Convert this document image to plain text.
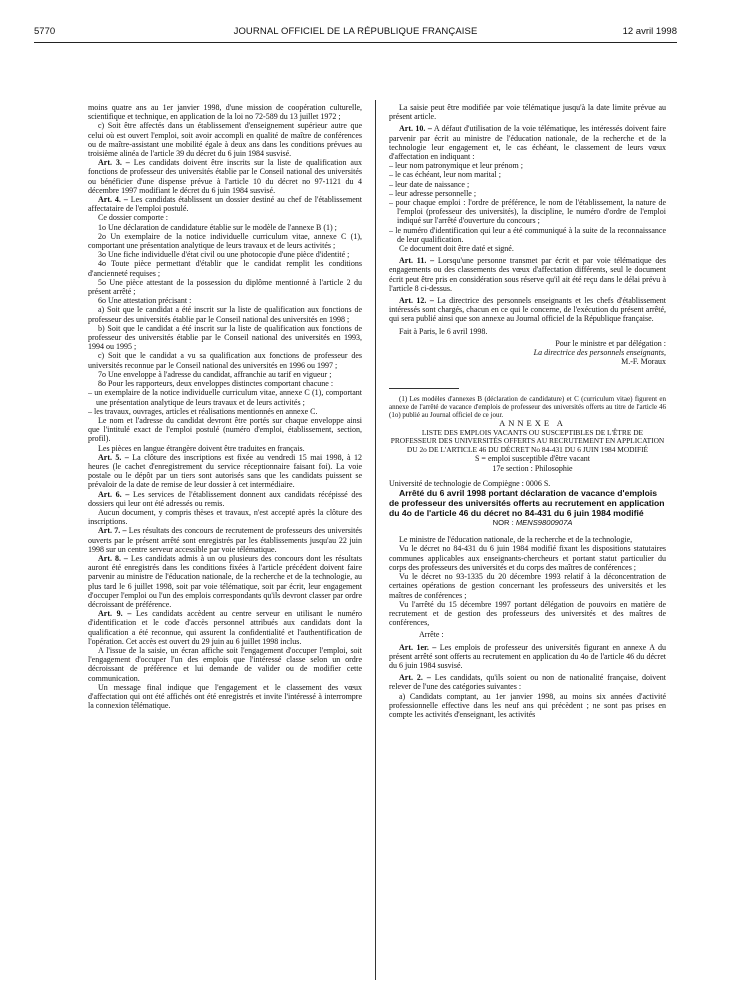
5770	JOURNAL OFFICIEL DE LA RÉPUBLIQUE FRANÇAISE	12 avril 1998

moins quatre ans au 1er janvier 1998, d'une mission de coopération culturelle, scientifique et technique, en application de la loi no 72-589 du 13 juillet 1972 ;

c) Soit être affectés dans un établissement d'enseignement supérieur autre que celui où est ouvert l'emploi, soit avoir accompli en qualité de maître de conférences ou de maître-assistant une mobilité égale à deux ans dans les conditions prévues au troisième alinéa de l'article 39 du décret du 6 juin 1984 susvisé.

Art. 3. – Les candidats doivent être inscrits sur la liste de qualification aux fonctions de professeur des universités établie par le Conseil national des universités ou bénéficier d'une dispense prévue à l'article 10 du décret no 97-1121 du 4 décembre 1997 modifiant le décret du 6 juin 1984 susvisé.

Art. 4. – Les candidats établissent un dossier destiné au chef de l'établissement affectataire de l'emploi postulé.

Ce dossier comporte :

1o Une déclaration de candidature établie sur le modèle de l'annexe B (1) ;

2o Un exemplaire de la notice individuelle curriculum vitae, annexe C (1), comportant une présentation analytique de leurs travaux et de leurs activités ;

3o Une fiche individuelle d'état civil ou une photocopie d'une pièce d'identité ;

4o Toute pièce permettant d'établir que le candidat remplit les conditions d'ancienneté requises ;

5o Une pièce attestant de la possession du diplôme mentionné à l'article 2 du présent arrêté ;

6o Une attestation précisant :

a) Soit que le candidat a été inscrit sur la liste de qualification aux fonctions de professeur des universités établie par le Conseil national des universités en 1998 ;

b) Soit que le candidat a été inscrit sur la liste de qualification aux fonctions de professeur des universités établie par le Conseil national des universités en 1993, 1994 ou 1995 ;

c) Soit que le candidat a vu sa qualification aux fonctions de professeur des universités reconnue par le Conseil national des universités en 1996 ou 1997 ;

7o Une enveloppe à l'adresse du candidat, affranchie au tarif en vigueur ;

8o Pour les rapporteurs, deux enveloppes distinctes comportant chacune :

– un exemplaire de la notice individuelle curriculum vitae, annexe C (1), comportant une présentation analytique de leurs travaux et de leurs activités ;

– les travaux, ouvrages, articles et réalisations mentionnés en annexe C.

Le nom et l'adresse du candidat devront être portés sur chaque enveloppe ainsi que l'intitulé exact de l'emploi postulé (numéro d'emploi, établissement, section, profil).

Les pièces en langue étrangère doivent être traduites en français.

Art. 5. – La clôture des inscriptions est fixée au vendredi 15 mai 1998, à 12 heures (le cachet d'enregistrement du service réceptionnaire faisant foi). La voie postale ou le dépôt par un tiers sont autorisés sans que les candidats puissent se prévaloir de la date de remise de leur dossier à cet intermédiaire.

Art. 6. – Les services de l'établissement donnent aux candidats récépissé des dossiers qui leur ont été adressés ou remis.

Aucun document, y compris thèses et travaux, n'est accepté après la clôture des inscriptions.

Art. 7. – Les résultats des concours de recrutement de professeurs des universités ouverts par le présent arrêté sont enregistrés par les établissements jusqu'au 22 juin 1998 sur un centre serveur accessible par voie télématique.

Art. 8. – Les candidats admis à un ou plusieurs des concours dont les résultats auront été enregistrés dans les conditions fixées à l'article précédent doivent faire parvenir au ministre de l'éducation nationale, de la recherche et de la technologie, au plus tard le 6 juillet 1998, soit par voie télématique, soit par écrit, leur engagement d'occuper l'emploi ou l'un des emplois correspondants qu'ils devront classer par ordre décroissant de préférence.

Art. 9. – Les candidats accèdent au centre serveur en utilisant le numéro d'identification et le code d'accès personnel attribués aux candidats dont la qualification a été reconnue, qui assurent la confidentialité et l'authentification de l'opération. Cet accès est ouvert du 29 juin au 6 juillet 1998 inclus.

A l'issue de la saisie, un écran affiche soit l'engagement d'occuper l'emploi, soit l'engagement d'occuper l'un des emplois que l'intéressé classe selon un ordre décroissant de préférence et lui demande de valider ou de modifier cette communication.

Un message final indique que l'engagement et le classement des vœux d'affectation qui ont été affichés ont été enregistrés et invite l'intéressé à interrompre la connexion télématique.

La saisie peut être modifiée par voie télématique jusqu'à la date limite prévue au présent article.

Art. 10. – A défaut d'utilisation de la voie télématique, les intéressés doivent faire parvenir par écrit au ministre de l'éducation nationale, de la recherche et de la technologie leur engagement et, le cas échéant, le classement de leurs vœux d'affectation en indiquant :

– leur nom patronymique et leur prénom ;

– le cas échéant, leur nom marital ;

– leur date de naissance ;

– leur adresse personnelle ;

– pour chaque emploi : l'ordre de préférence, le nom de l'établissement, la nature de l'emploi (professeur des universités), la discipline, le numéro d'ordre de l'emploi indiqué sur l'arrêté d'ouverture du concours ;

– le numéro d'identification qui leur a été communiqué à la suite de la reconnaissance de leur qualification.

Ce document doit être daté et signé.

Art. 11. – Lorsqu'une personne transmet par écrit et par voie télématique des engagements ou des classements des vœux d'affectation différents, seul le document écrit peut être pris en considération sous réserve qu'il ait été reçu dans le délai prévu à l'article 8 ci-dessus.

Art. 12. – La directrice des personnels enseignants et les chefs d'établissement intéressés sont chargés, chacun en ce qui le concerne, de l'exécution du présent arrêté, qui sera publié ainsi que son annexe au Journal officiel de la République française.

Fait à Paris, le 6 avril 1998.

Pour le ministre et par délégation :

La directrice des personnels enseignants,

M.-F. Moraux

(1) Les modèles d'annexes B (déclaration de candidature) et C (curriculum vitae) figurent en annexe de l'arrêté de vacance d'emplois de professeur des universités offerts au titre de l'article 46 (1o) publié au Journal officiel de ce jour.

ANNEXE A

LISTE DES EMPLOIS VACANTS OU SUSCEPTIBLES DE L'ÊTRE DE PROFESSEUR DES UNIVERSITÉS OFFERTS AU RECRUTEMENT EN APPLICATION DU 2o DE L'ARTICLE 46 DU DÉCRET No 84-431 DU 6 JUIN 1984 MODIFIÉ

S = emploi susceptible d'être vacant

17e section : Philosophie

Université de technologie de Compiègne : 0006 S.

Arrêté du 6 avril 1998 portant déclaration de vacance d'emplois de professeur des universités offerts au recrutement en application du 4o de l'article 46 du décret no 84-431 du 6 juin 1984 modifié

NOR : MENS9800907A

Le ministre de l'éducation nationale, de la recherche et de la technologie,

Vu le décret no 84-431 du 6 juin 1984 modifié fixant les dispositions statutaires communes applicables aux enseignants-chercheurs et portant statut particulier du corps des professeurs des universités et du corps des maîtres de conférences ;

Vu le décret no 93-1335 du 20 décembre 1993 relatif à la déconcentration de certaines opérations de gestion concernant les professeurs des universités et les maîtres de conférences ;

Vu l'arrêté du 15 décembre 1997 portant délégation de pouvoirs en matière de recrutement et de gestion des professeurs des universités et des maîtres de conférences,

Arrête :

Art. 1er. – Les emplois de professeur des universités figurant en annexe A du présent arrêté sont offerts au recrutement en application du 4o de l'article 46 du décret du 6 juin 1984 susvisé.

Art. 2. – Les candidats, qu'ils soient ou non de nationalité française, doivent relever de l'une des catégories suivantes :

a) Candidats comptant, au 1er janvier 1998, au moins six années d'activité professionnelle effective dans les neuf ans qui précèdent ; ne sont pas prises en compte les activités d'enseignant, les activités
